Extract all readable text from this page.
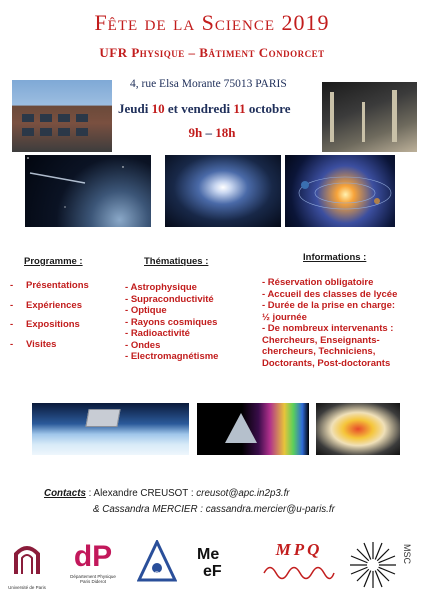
Fête de la Science 2019
UFR Physique – Bâtiment Condorcet
4, rue Elsa Morante 75013 PARIS
Jeudi 10 et vendredi 11 octobre
9h – 18h
Programme :
-	Présentations
-	Expériences
-	Expositions
-	Visites
Thématiques :
- Astrophysique
- Supraconductivité
- Optique
- Rayons cosmiques
- Radioactivité
- Ondes
- Electromagnétisme
Informations :
- Réservation obligatoire
- Accueil des classes de lycée
- Durée de la prise en charge:
½ journée
- De nombreux intervenants :
Chercheurs, Enseignants-
chercheurs, Techniciens,
Doctorants, Post-doctorants
Contacts : Alexandre CREUSOT : creusot@apc.in2p3.fr
& Cassandra MERCIER : cassandra.mercier@u-paris.fr
Université de Paris
dP
Département Physique Paris Diderot
APC
Me
eF
MPQ	MSC
